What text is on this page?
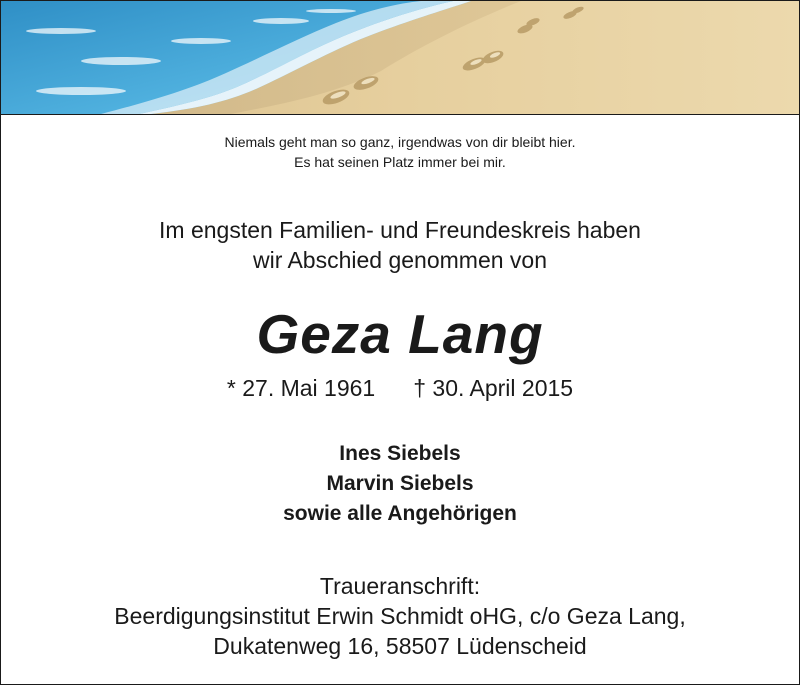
Niemals geht man so ganz, irgendwas von dir bleibt hier.
Es hat seinen Platz immer bei mir.
Im engsten Familien- und Freundeskreis haben
wir Abschied genommen von
Geza Lang
* 27. Mai 1961 † 30. April 2015
Ines Siebels
Marvin Siebels
sowie alle Angehörigen
Traueranschrift:
Beerdigungsinstitut Erwin Schmidt oHG, c/o Geza Lang,
Dukatenweg 16, 58507 Lüdenscheid
